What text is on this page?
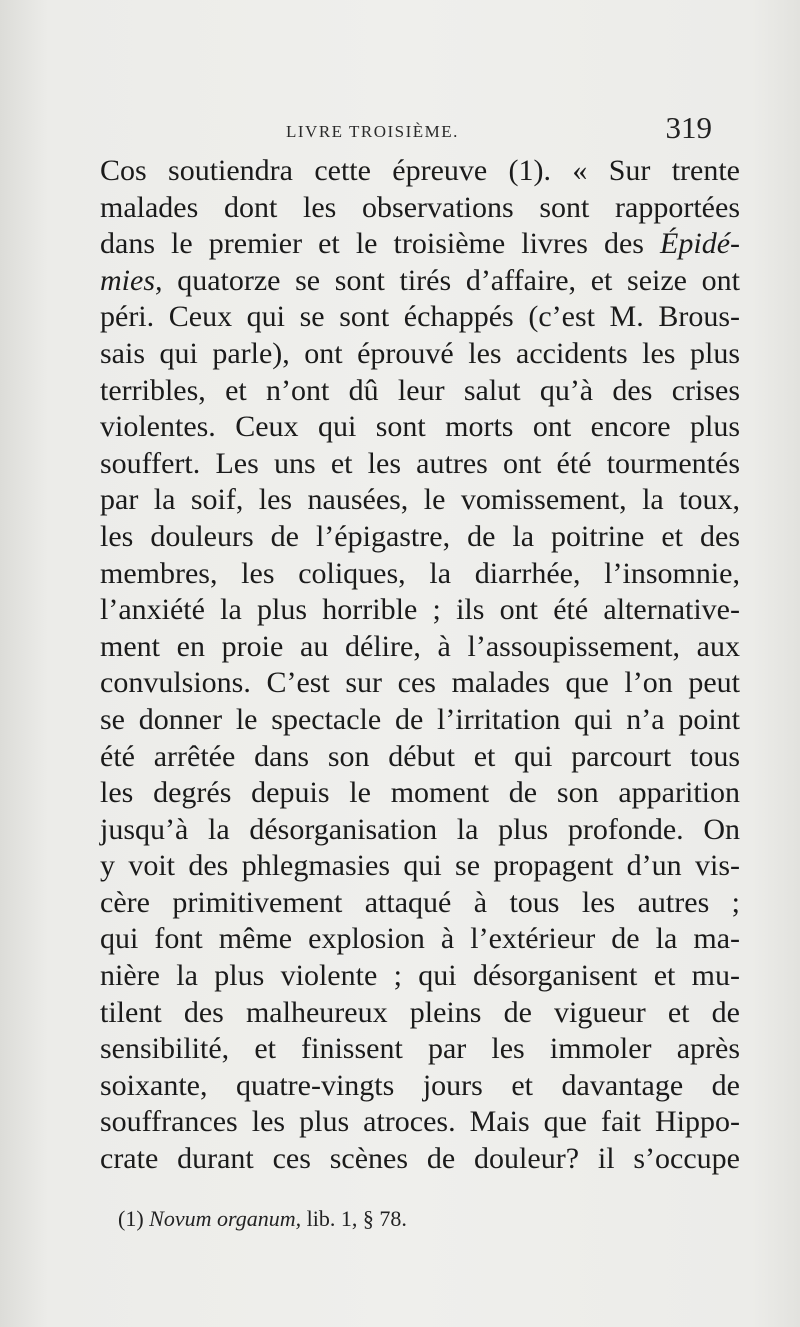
LIVRE TROISIÈME.	319
Cos soutiendra cette épreuve (1). « Sur trente
malades dont les observations sont rapportées
dans le premier et le troisième livres des Épidé-
mies, quatorze se sont tirés d’affaire, et seize ont
péri. Ceux qui se sont échappés (c’est M. Brous-
sais qui parle), ont éprouvé les accidents les plus
terribles, et n’ont dû leur salut qu’à des crises
violentes. Ceux qui sont morts ont encore plus
souffert. Les uns et les autres ont été tourmentés
par la soif, les nausées, le vomissement, la toux,
les douleurs de l’épigastre, de la poitrine et des
membres, les coliques, la diarrhée, l’insomnie,
l’anxiété la plus horrible ; ils ont été alternative-
ment en proie au délire, à l’assoupissement, aux
convulsions. C’est sur ces malades que l’on peut
se donner le spectacle de l’irritation qui n’a point
été arrêtée dans son début et qui parcourt tous
les degrés depuis le moment de son apparition
jusqu’à la désorganisation la plus profonde. On
y voit des phlegmasies qui se propagent d’un vis-
cère primitivement attaqué à tous les autres ;
qui font même explosion à l’extérieur de la ma-
nière la plus violente ; qui désorganisent et mu-
tilent des malheureux pleins de vigueur et de
sensibilité, et finissent par les immoler après
soixante, quatre-vingts jours et davantage de
souffrances les plus atroces. Mais que fait Hippo-
crate durant ces scènes de douleur? il s’occupe
(1) Novum organum, lib. 1, § 78.
